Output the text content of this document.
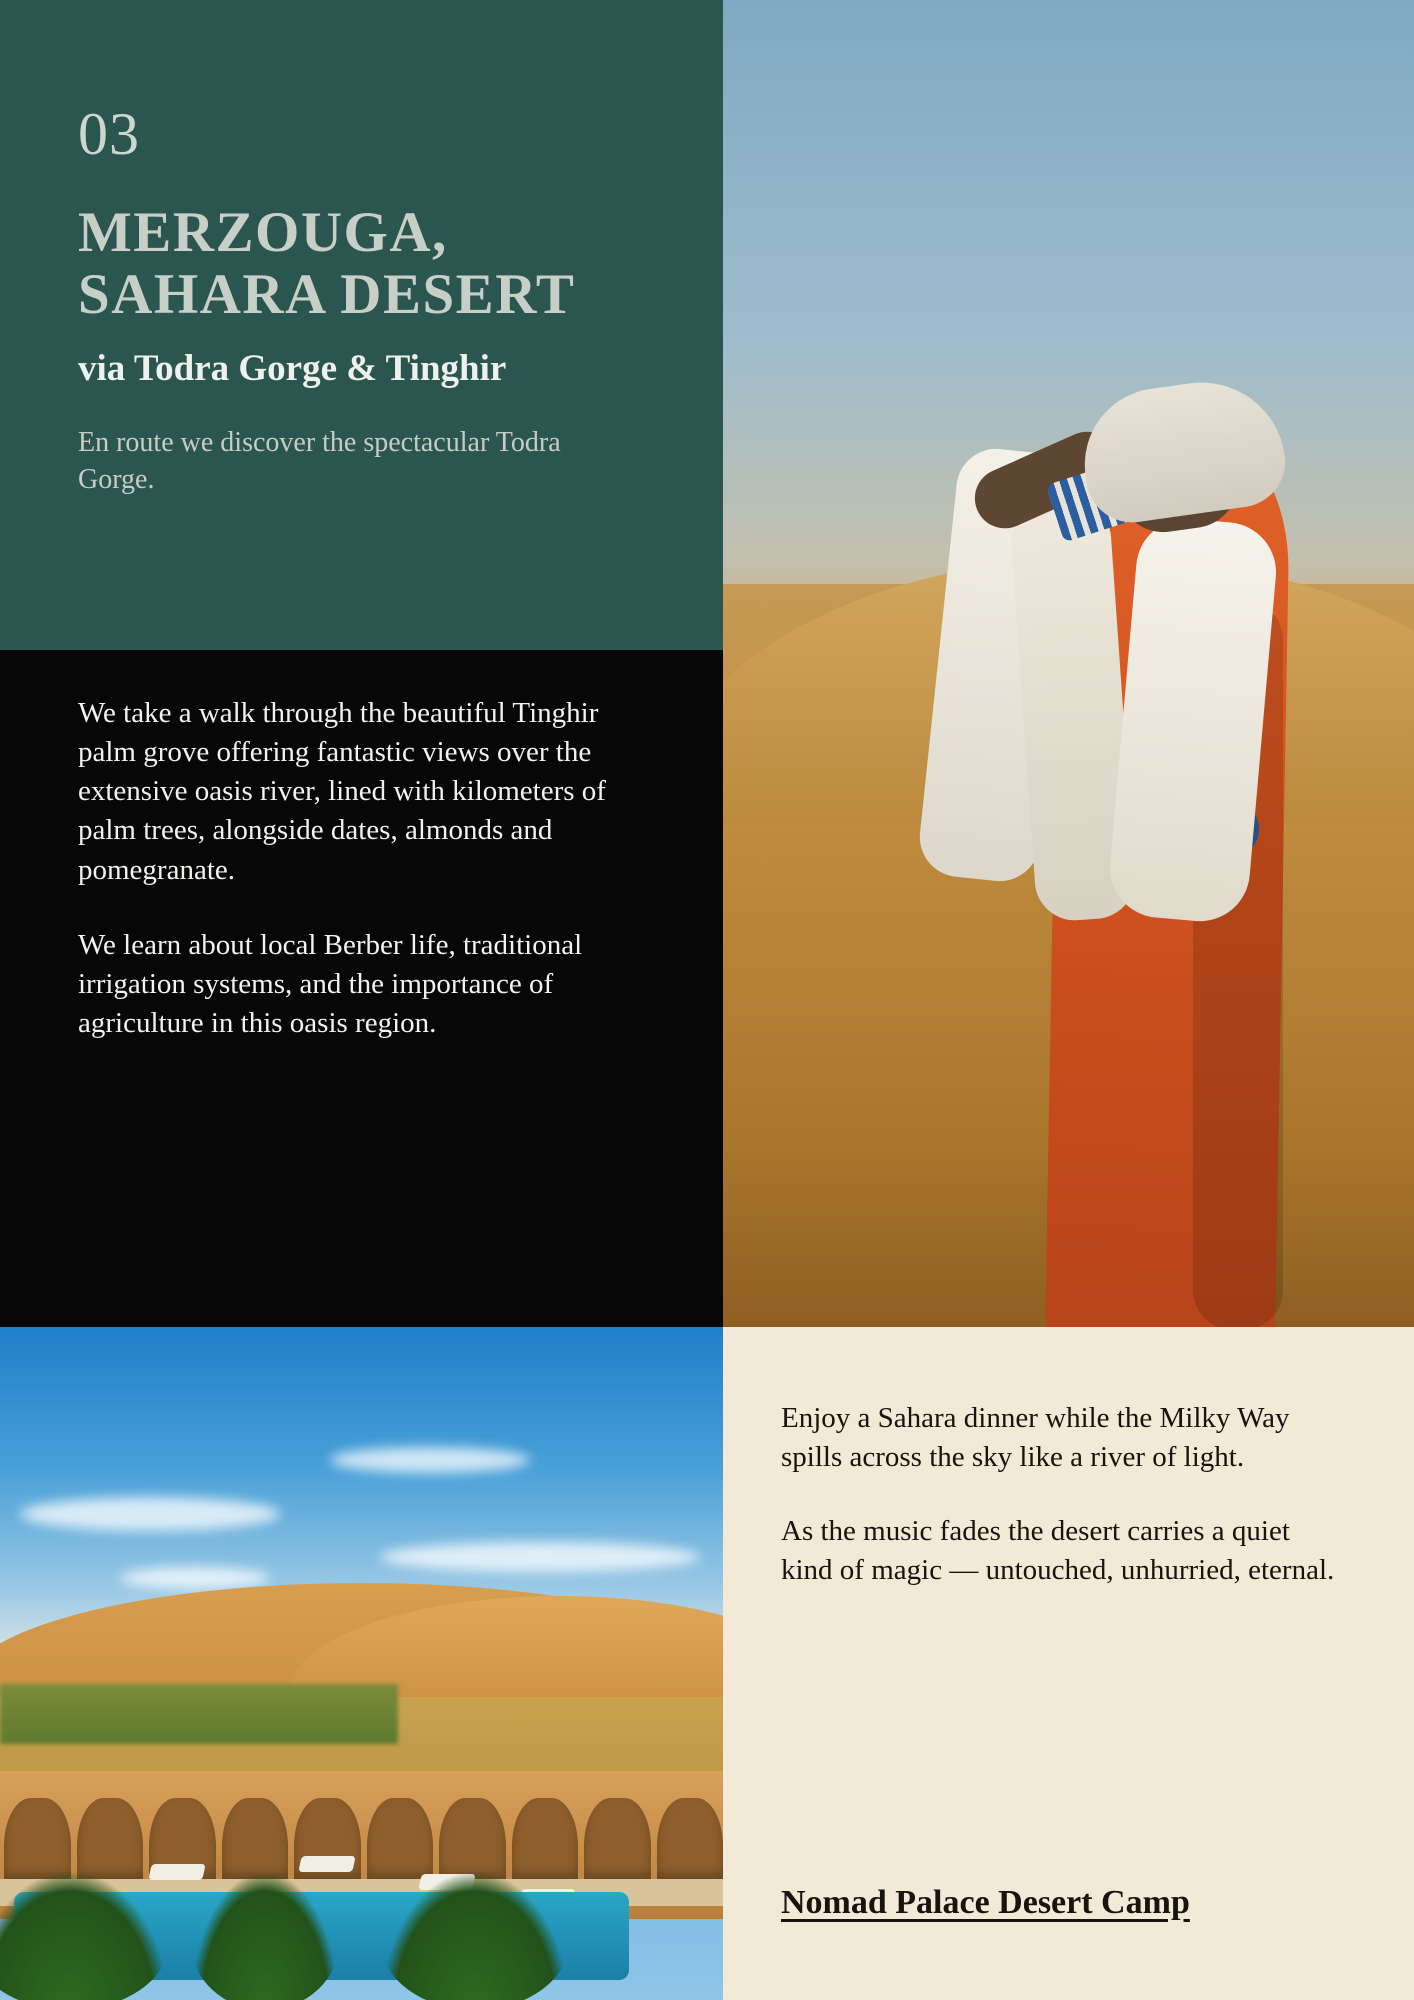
03
MERZOUGA,
SAHARA DESERT
via Todra Gorge & Tinghir

En route we discover the spectacular Todra Gorge.

We take a walk through the beautiful Tinghir palm grove offering fantastic views over the extensive oasis river, lined with kilometers of palm trees, alongside dates, almonds and pomegranate.

We learn about local Berber life, traditional irrigation systems, and the importance of agriculture in this oasis region.

Enjoy a Sahara dinner while the Milky Way spills across the sky like a river of light.

As the music fades the desert carries a quiet kind of magic — untouched, unhurried, eternal.

Nomad Palace Desert Camp
